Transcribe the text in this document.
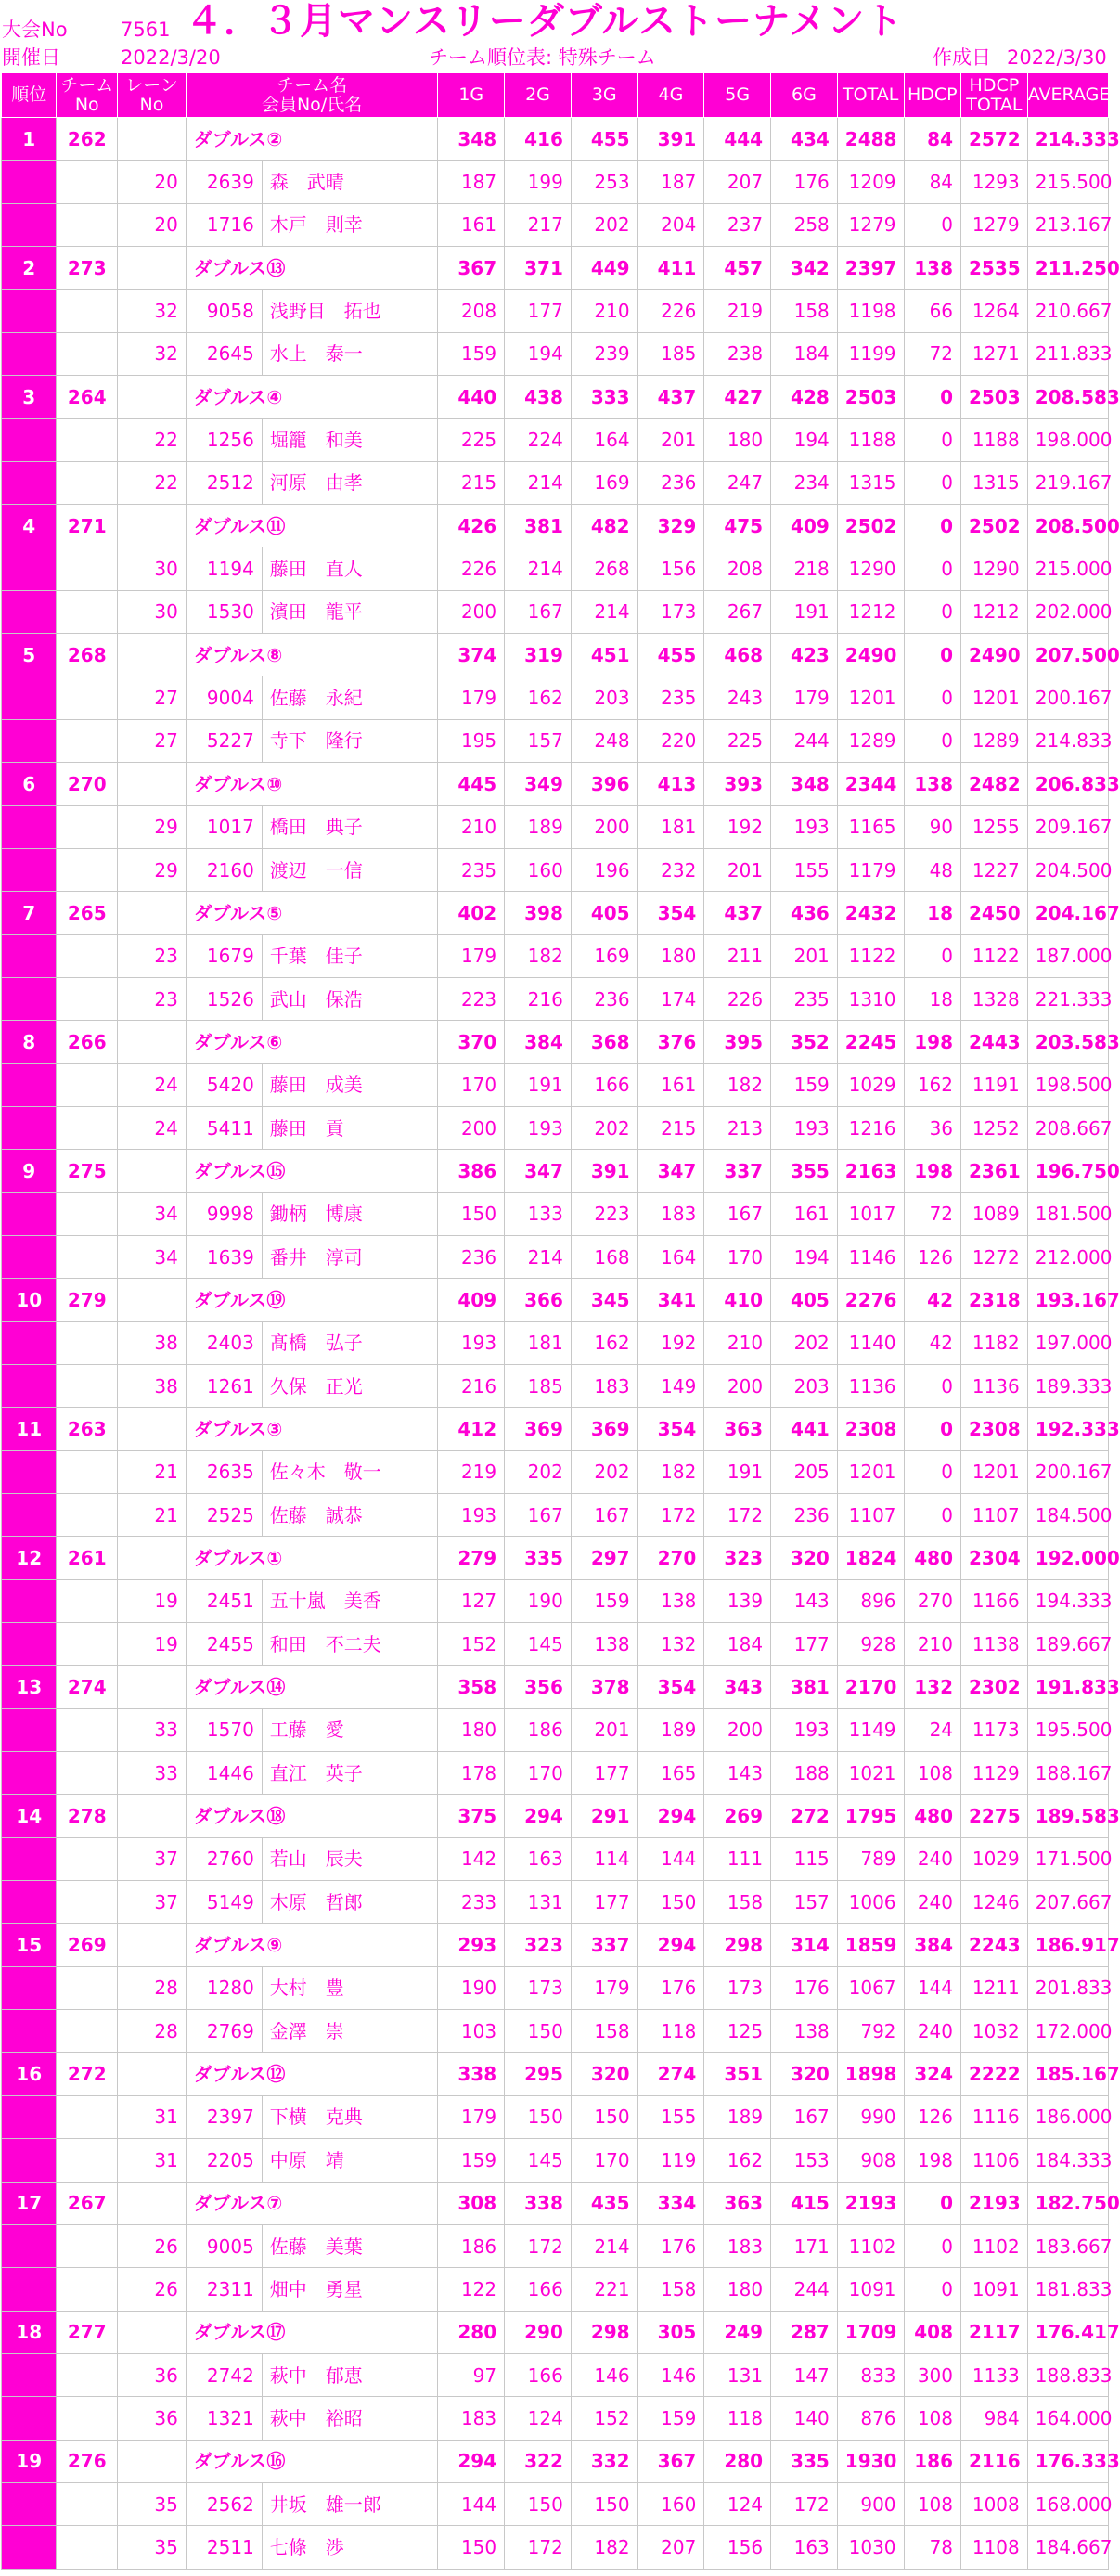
大会No	7561
開催日	2022/3/20
４．３月マンスリーダブルストーナメント
チーム順位表: 特殊チーム	作成日 2022/3/30
順位	チーム
No	レーン
No	チーム名
会員No/氏名		1G	2G	3G	4G	5G	6G	TOTAL	HDCP	HDCP
TOTAL	AVERAGE
1	262		ダブルス②		348	416	455	391	444	434	2488	84	2572	214.333
		20	2639	森　武晴	187	199	253	187	207	176	1209	84	1293	215.500
		20	1716	木戸　則幸	161	217	202	204	237	258	1279	0	1279	213.167
2	273		ダブルス⑬		367	371	449	411	457	342	2397	138	2535	211.250
		32	9058	浅野目　拓也	208	177	210	226	219	158	1198	66	1264	210.667
		32	2645	水上　泰一	159	194	239	185	238	184	1199	72	1271	211.833
3	264		ダブルス④		440	438	333	437	427	428	2503	0	2503	208.583
		22	1256	堀籠　和美	225	224	164	201	180	194	1188	0	1188	198.000
		22	2512	河原　由孝	215	214	169	236	247	234	1315	0	1315	219.167
4	271		ダブルス⑪		426	381	482	329	475	409	2502	0	2502	208.500
		30	1194	藤田　直人	226	214	268	156	208	218	1290	0	1290	215.000
		30	1530	濱田　龍平	200	167	214	173	267	191	1212	0	1212	202.000
5	268		ダブルス⑧		374	319	451	455	468	423	2490	0	2490	207.500
		27	9004	佐藤　永紀	179	162	203	235	243	179	1201	0	1201	200.167
		27	5227	寺下　隆行	195	157	248	220	225	244	1289	0	1289	214.833
6	270		ダブルス⑩		445	349	396	413	393	348	2344	138	2482	206.833
		29	1017	橋田　典子	210	189	200	181	192	193	1165	90	1255	209.167
		29	2160	渡辺　一信	235	160	196	232	201	155	1179	48	1227	204.500
7	265		ダブルス⑤		402	398	405	354	437	436	2432	18	2450	204.167
		23	1679	千葉　佳子	179	182	169	180	211	201	1122	0	1122	187.000
		23	1526	武山　保浩	223	216	236	174	226	235	1310	18	1328	221.333
8	266		ダブルス⑥		370	384	368	376	395	352	2245	198	2443	203.583
		24	5420	藤田　成美	170	191	166	161	182	159	1029	162	1191	198.500
		24	5411	藤田　貢	200	193	202	215	213	193	1216	36	1252	208.667
9	275		ダブルス⑮		386	347	391	347	337	355	2163	198	2361	196.750
		34	9998	鋤柄　博康	150	133	223	183	167	161	1017	72	1089	181.500
		34	1639	番井　淳司	236	214	168	164	170	194	1146	126	1272	212.000
10	279		ダブルス⑲		409	366	345	341	410	405	2276	42	2318	193.167
		38	2403	髙橋　弘子	193	181	162	192	210	202	1140	42	1182	197.000
		38	1261	久保　正光	216	185	183	149	200	203	1136	0	1136	189.333
11	263		ダブルス③		412	369	369	354	363	441	2308	0	2308	192.333
		21	2635	佐々木　敬一	219	202	202	182	191	205	1201	0	1201	200.167
		21	2525	佐藤　誠恭	193	167	167	172	172	236	1107	0	1107	184.500
12	261		ダブルス①		279	335	297	270	323	320	1824	480	2304	192.000
		19	2451	五十嵐　美香	127	190	159	138	139	143	896	270	1166	194.333
		19	2455	和田　不二夫	152	145	138	132	184	177	928	210	1138	189.667
13	274		ダブルス⑭		358	356	378	354	343	381	2170	132	2302	191.833
		33	1570	工藤　愛	180	186	201	189	200	193	1149	24	1173	195.500
		33	1446	直江　英子	178	170	177	165	143	188	1021	108	1129	188.167
14	278		ダブルス⑱		375	294	291	294	269	272	1795	480	2275	189.583
		37	2760	若山　辰夫	142	163	114	144	111	115	789	240	1029	171.500
		37	5149	木原　哲郎	233	131	177	150	158	157	1006	240	1246	207.667
15	269		ダブルス⑨		293	323	337	294	298	314	1859	384	2243	186.917
		28	1280	大村　豊	190	173	179	176	173	176	1067	144	1211	201.833
		28	2769	金澤　崇	103	150	158	118	125	138	792	240	1032	172.000
16	272		ダブルス⑫		338	295	320	274	351	320	1898	324	2222	185.167
		31	2397	下横　克典	179	150	150	155	189	167	990	126	1116	186.000
		31	2205	中原　靖	159	145	170	119	162	153	908	198	1106	184.333
17	267		ダブルス⑦		308	338	435	334	363	415	2193	0	2193	182.750
		26	9005	佐藤　美葉	186	172	214	176	183	171	1102	0	1102	183.667
		26	2311	畑中　勇星	122	166	221	158	180	244	1091	0	1091	181.833
18	277		ダブルス⑰		280	290	298	305	249	287	1709	408	2117	176.417
		36	2742	萩中　郁恵	97	166	146	146	131	147	833	300	1133	188.833
		36	1321	萩中　裕昭	183	124	152	159	118	140	876	108	984	164.000
19	276		ダブルス⑯		294	322	332	367	280	335	1930	186	2116	176.333
		35	2562	井坂　雄一郎	144	150	150	160	124	172	900	108	1008	168.000
		35	2511	七條　渉	150	172	182	207	156	163	1030	78	1108	184.667
